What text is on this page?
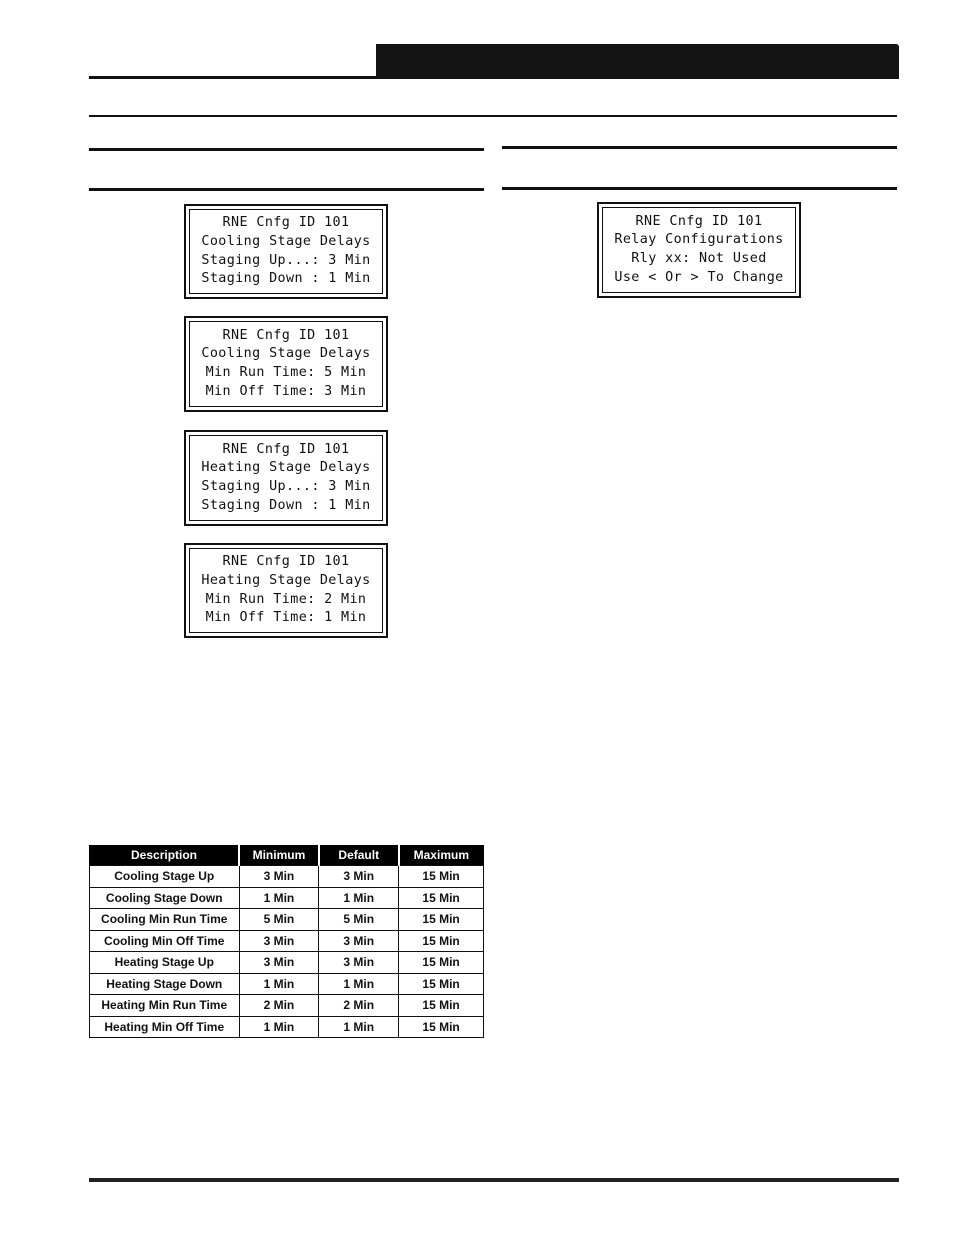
RNE Cnfg ID 101
Cooling Stage Delays
Staging Up...: 3 Min
Staging Down : 1 Min
RNE Cnfg ID 101
Cooling Stage Delays
Min Run Time: 5 Min
Min Off Time: 3 Min
RNE Cnfg ID 101
Heating Stage Delays
Staging Up...: 3 Min
Staging Down : 1 Min
RNE Cnfg ID 101
Heating Stage Delays
Min Run Time: 2 Min
Min Off Time: 1 Min
RNE Cnfg ID 101
Relay Configurations
Rly xx: Not Used
Use < Or > To Change
Description	Minimum	Default	Maximum
Cooling Stage Up	3 Min	3 Min	15 Min
Cooling Stage Down	1 Min	1 Min	15 Min
Cooling Min Run Time	5 Min	5 Min	15 Min
Cooling Min Off Time	3 Min	3 Min	15 Min
Heating Stage Up	3 Min	3 Min	15 Min
Heating Stage Down	1 Min	1 Min	15 Min
Heating Min Run Time	2 Min	2 Min	15 Min
Heating Min Off Time	1 Min	1 Min	15 Min
